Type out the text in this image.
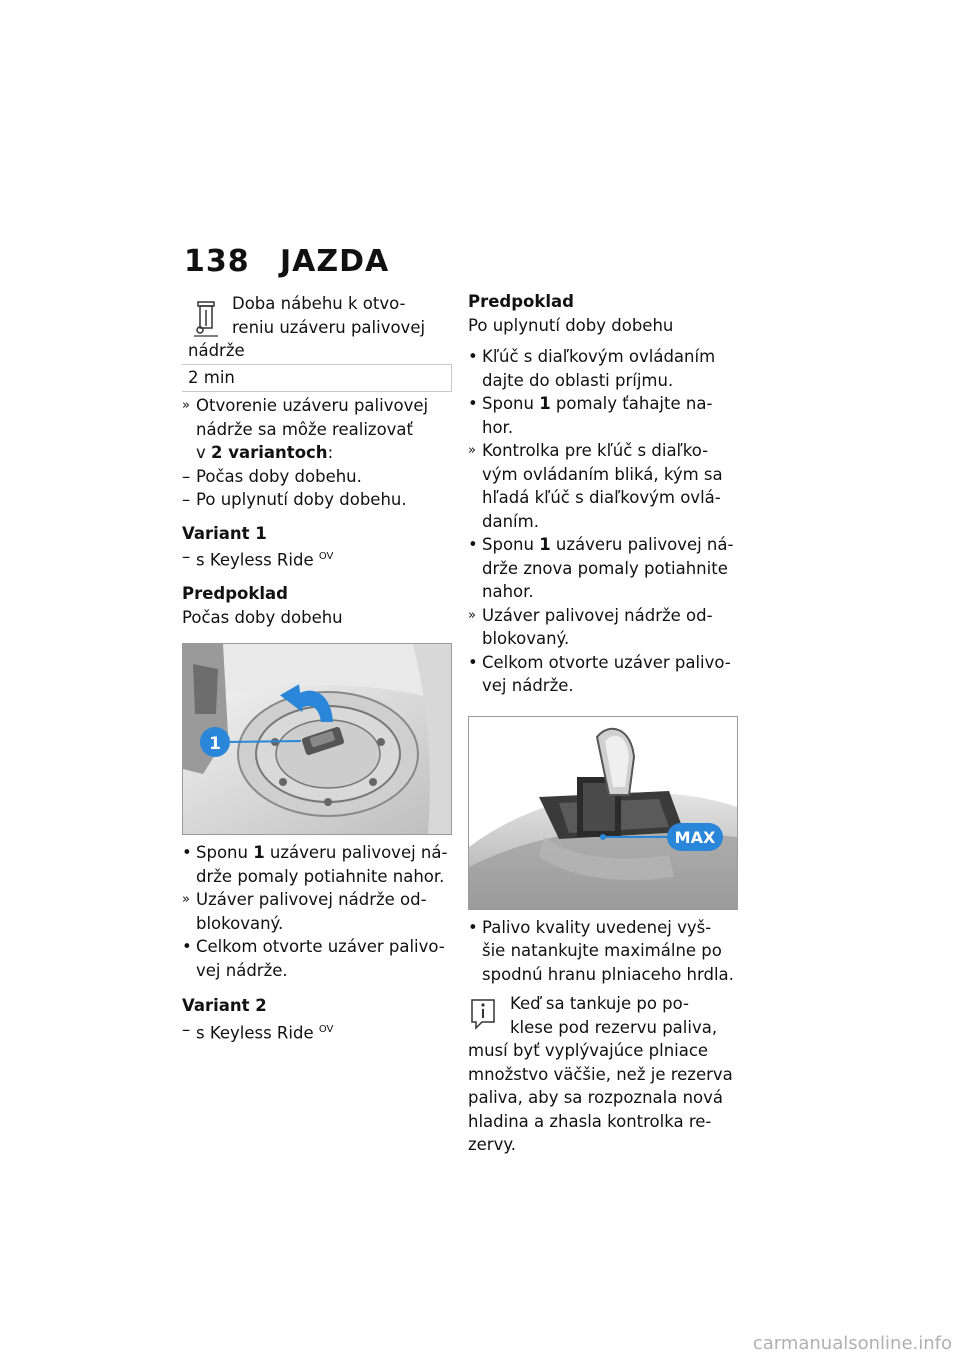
138 JAZDA

Doba nábehu k otvo-

reniu uzáveru palivovej

nádrže

2 min
» Otvorenie uzáveru palivovej

nádrže sa môže realizovať

v 2 variantoch:

– Počas doby dobehu.
– Po uplynutí doby dobehu.

Variant 1

– s Keyless Ride $^{OV}$

Predpoklad

Počas doby dobehu

1
• Sponu 1 uzáveru palivovej ná-

drže pomaly potiahnite nahor.

» Uzáver palivovej nádrže od-

blokovaný.

• Celkom otvorte uzáver palivo-

vej nádrže.

Variant 2

– s Keyless Ride $^{OV}$

Predpoklad

Po uplynutí doby dobehu

• Kľúč s diaľkovým ovládaním

dajte do oblasti príjmu.

• Sponu 1 pomaly ťahajte na-

hor.

» Kontrolka pre kľúč s diaľko-

vým ovládaním bliká, kým sa

hľadá kľúč s diaľkovým ovlá-

daním.

• Sponu 1 uzáveru palivovej ná-

drže znova pomaly potiahnite

nahor.

» Uzáver palivovej nádrže od-

blokovaný.

• Celkom otvorte uzáver palivo-

vej nádrže.

MAX
• Palivo kvality uvedenej vyš-

šie natankujte maximálne po

spodnú hranu plniaceho hrdla.

Keď sa tankuje po po-

klese pod rezervu paliva,

musí byť vyplývajúce plniace

množstvo väčšie, než je rezerva

paliva, aby sa rozpoznala nová

hladina a zhasla kontrolka re-

zervy.

carmanualsonline.info
